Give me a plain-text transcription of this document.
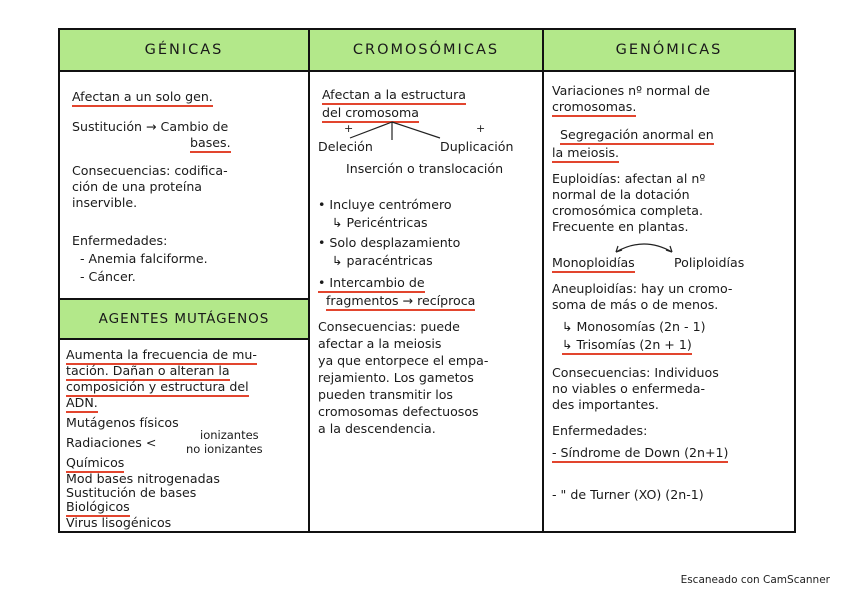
GÉNICAS
Afectan a un solo gen.
Sustitución → Cambio de
bases.
Consecuencias: codifica-
ción de una proteína
inservible.
Enfermedades:
- Anemia falciforme.
- Cáncer.
AGENTES MUTÁGENOS
Aumenta la frecuencia de mu-
tación. Dañan o alteran la
composición y estructura del
ADN.
Mutágenos físicos
ionizantes
Radiaciones <	no ionizantes
Químicos
Mod bases nitrogenadas
Sustitución de bases
Biológicos
Virus lisogénicos
CROMOSÓMICAS
Afectan a la estructura
del cromosoma
+	+
Deleción	Duplicación
Inserción o translocación
• Incluye centrómero
↳ Pericéntricas
• Solo desplazamiento
↳ paracéntricas
• Intercambio de
fragmentos → recíproca
Consecuencias: puede
afectar a la meiosis
ya que entorpece el empa-
rejamiento. Los gametos
pueden transmitir los
cromosomas defectuosos
a la descendencia.
GENÓMICAS
Variaciones nº normal de
cromosomas.
Segregación anormal en
la meiosis.
Euploidías: afectan al nº
normal de la dotación
cromosómica completa.
Frecuente en plantas.
Monoploidías	Poliploidías
Aneuploidías: hay un cromo-
soma de más o de menos.
↳ Monosomías (2n - 1)
↳ Trisomías (2n + 1)
Consecuencias: Individuos
no viables o enfermeda-
des importantes.
Enfermedades:
- Síndrome de Down (2n+1)
- " de Turner (XO) (2n-1)
Escaneado con CamScanner
